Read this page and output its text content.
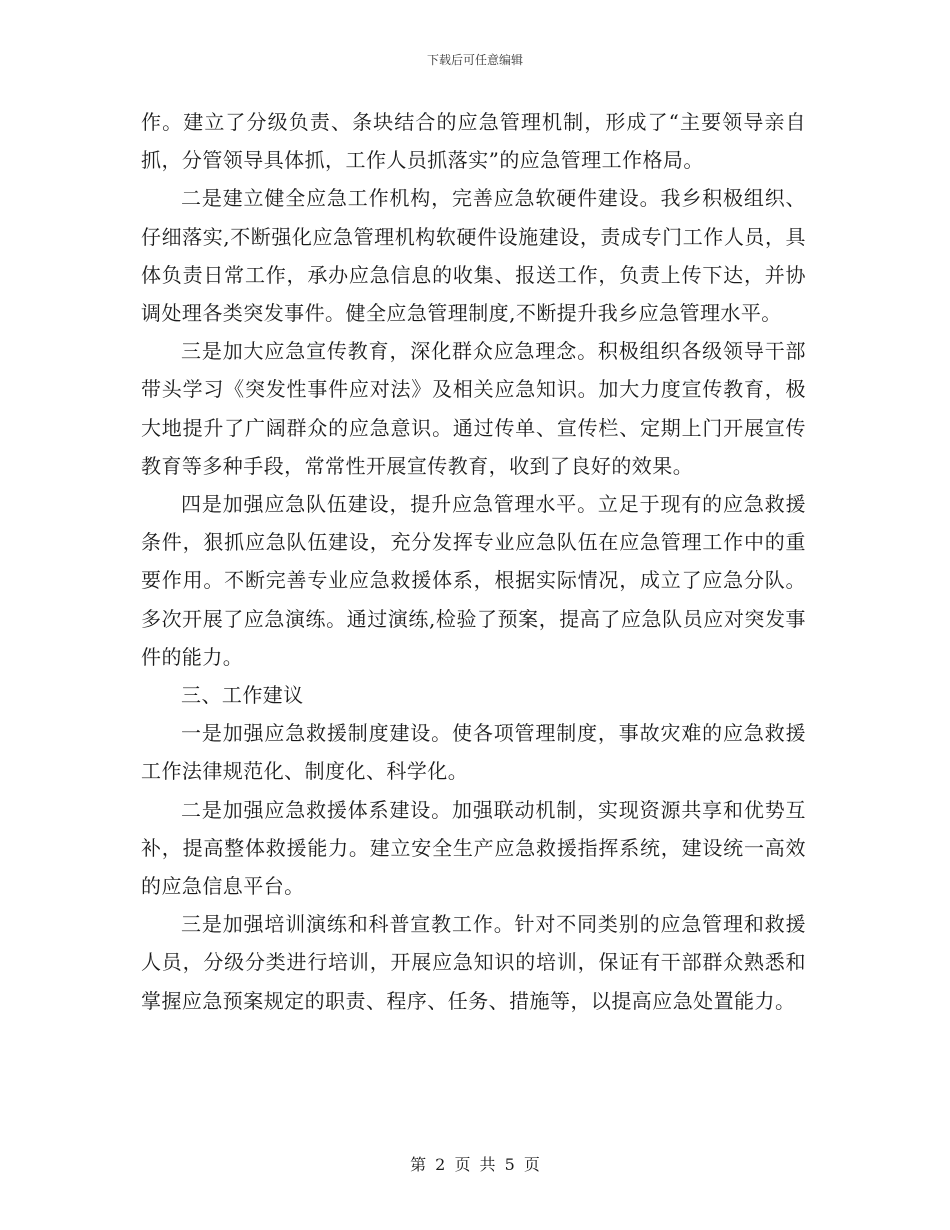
下载后可任意编辑

作。建立了分级负责、条块结合的应急管理机制，形成了“主要领导亲自抓，分管领导具体抓，工作人员抓落实”的应急管理工作格局。

二是建立健全应急工作机构，完善应急软硬件建设。我乡积极组织、仔细落实,不断强化应急管理机构软硬件设施建设，责成专门工作人员，具体负责日常工作，承办应急信息的收集、报送工作，负责上传下达，并协调处理各类突发事件。健全应急管理制度,不断提升我乡应急管理水平。

三是加大应急宣传教育，深化群众应急理念。积极组织各级领导干部带头学习《突发性事件应对法》及相关应急知识。加大力度宣传教育，极大地提升了广阔群众的应急意识。通过传单、宣传栏、定期上门开展宣传教育等多种手段，常常性开展宣传教育，收到了良好的效果。

四是加强应急队伍建设，提升应急管理水平。立足于现有的应急救援条件，狠抓应急队伍建设，充分发挥专业应急队伍在应急管理工作中的重要作用。不断完善专业应急救援体系，根据实际情况，成立了应急分队。多次开展了应急演练。通过演练,检验了预案，提高了应急队员应对突发事件的能力。

三、工作建议

一是加强应急救援制度建设。使各项管理制度，事故灾难的应急救援工作法律规范化、制度化、科学化。

二是加强应急救援体系建设。加强联动机制，实现资源共享和优势互补，提高整体救援能力。建立安全生产应急救援指挥系统，建设统一高效的应急信息平台。

三是加强培训演练和科普宣教工作。针对不同类别的应急管理和救援人员，分级分类进行培训，开展应急知识的培训，保证有干部群众熟悉和掌握应急预案规定的职责、程序、任务、措施等，以提高应急处置能力。

第 2 页 共 5 页
